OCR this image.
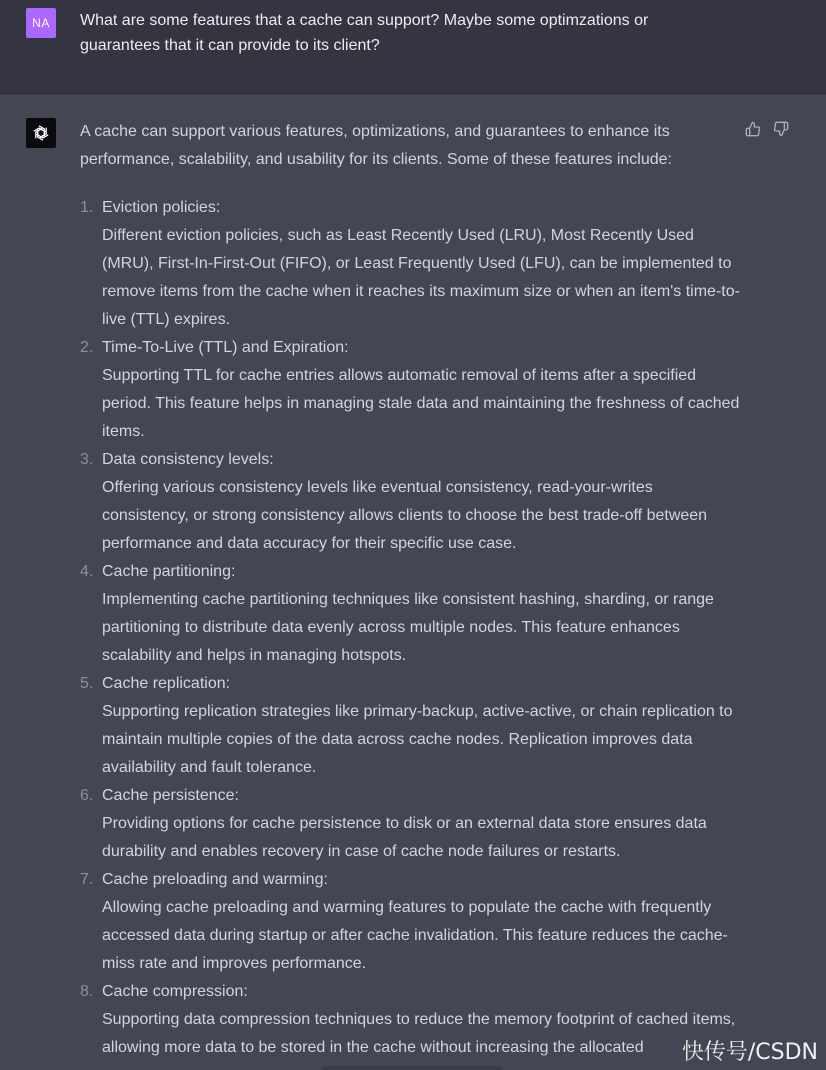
NA	What are some features that a cache can support? Maybe some optimzations or guarantees that it can provide to its client?

A cache can support various features, optimizations, and guarantees to enhance its performance, scalability, and usability for its clients. Some of these features include:

1. Eviction policies:
Different eviction policies, such as Least Recently Used (LRU), Most Recently Used (MRU), First-In-First-Out (FIFO), or Least Frequently Used (LFU), can be implemented to remove items from the cache when it reaches its maximum size or when an item's time-to-live (TTL) expires.
2. Time-To-Live (TTL) and Expiration:
Supporting TTL for cache entries allows automatic removal of items after a specified period. This feature helps in managing stale data and maintaining the freshness of cached items.
3. Data consistency levels:
Offering various consistency levels like eventual consistency, read-your-writes consistency, or strong consistency allows clients to choose the best trade-off between performance and data accuracy for their specific use case.
4. Cache partitioning:
Implementing cache partitioning techniques like consistent hashing, sharding, or range partitioning to distribute data evenly across multiple nodes. This feature enhances scalability and helps in managing hotspots.
5. Cache replication:
Supporting replication strategies like primary-backup, active-active, or chain replication to maintain multiple copies of the data across cache nodes. Replication improves data availability and fault tolerance.
6. Cache persistence:
Providing options for cache persistence to disk or an external data store ensures data durability and enables recovery in case of cache node failures or restarts.
7. Cache preloading and warming:
Allowing cache preloading and warming features to populate the cache with frequently accessed data during startup or after cache invalidation. This feature reduces the cache-miss rate and improves performance.
8. Cache compression:
Supporting data compression techniques to reduce the memory footprint of cached items, allowing more data to be stored in the cache without increasing the allocated	快传号/CSDN
